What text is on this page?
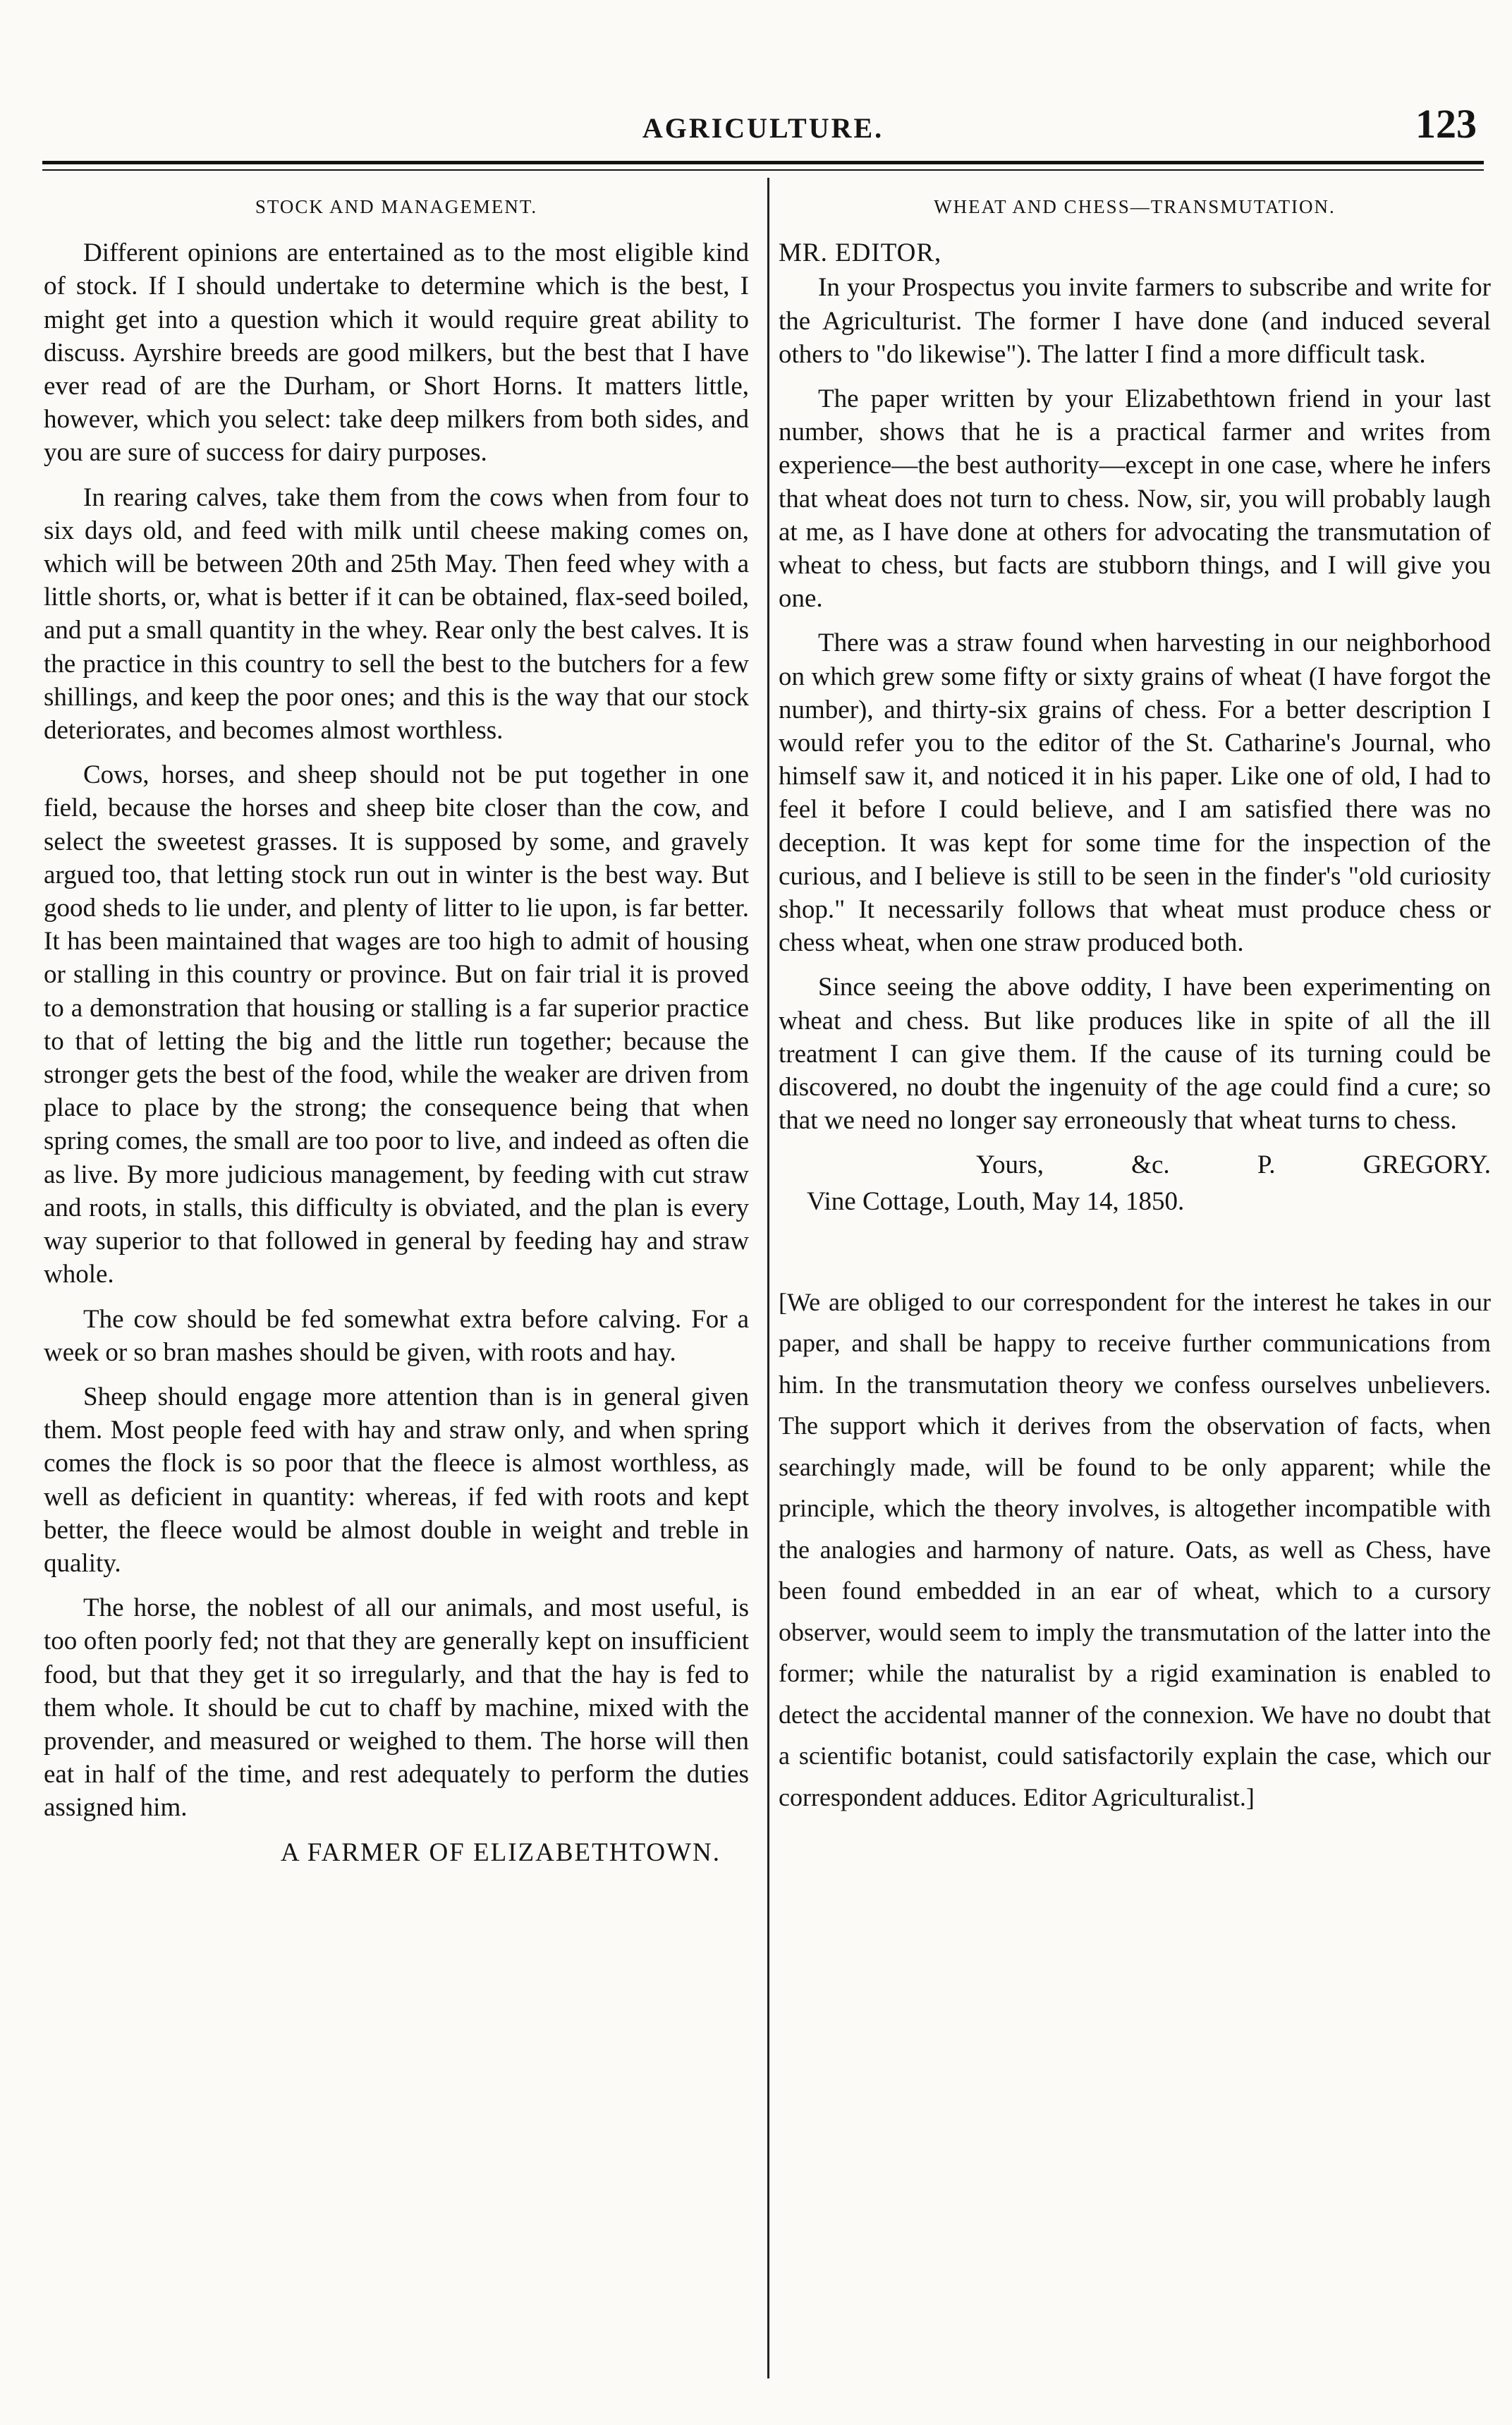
AGRICULTURE.	123
STOCK AND MANAGEMENT.

Different opinions are entertained as to the most eligible kind of stock. If I should undertake to determine which is the best, I might get into a question which it would require great ability to discuss. Ayrshire breeds are good milkers, but the best that I have ever read of are the Durham, or Short Horns. It matters little, however, which you select: take deep milkers from both sides, and you are sure of success for dairy purposes.

In rearing calves, take them from the cows when from four to six days old, and feed with milk until cheese making comes on, which will be between 20th and 25th May. Then feed whey with a little shorts, or, what is better if it can be obtained, flax-seed boiled, and put a small quantity in the whey. Rear only the best calves. It is the practice in this country to sell the best to the butchers for a few shillings, and keep the poor ones; and this is the way that our stock deteriorates, and becomes almost worthless.

Cows, horses, and sheep should not be put together in one field, because the horses and sheep bite closer than the cow, and select the sweetest grasses. It is supposed by some, and gravely argued too, that letting stock run out in winter is the best way. But good sheds to lie under, and plenty of litter to lie upon, is far better. It has been maintained that wages are too high to admit of housing or stalling in this country or province. But on fair trial it is proved to a demonstration that housing or stalling is a far superior practice to that of letting the big and the little run together; because the stronger gets the best of the food, while the weaker are driven from place to place by the strong; the consequence being that when spring comes, the small are too poor to live, and indeed as often die as live. By more judicious management, by feeding with cut straw and roots, in stalls, this difficulty is obviated, and the plan is every way superior to that followed in general by feeding hay and straw whole.

The cow should be fed somewhat extra before calving. For a week or so bran mashes should be given, with roots and hay.

Sheep should engage more attention than is in general given them. Most people feed with hay and straw only, and when spring comes the flock is so poor that the fleece is almost worthless, as well as deficient in quantity: whereas, if fed with roots and kept better, the fleece would be almost double in weight and treble in quality.

The horse, the noblest of all our animals, and most useful, is too often poorly fed; not that they are generally kept on insufficient food, but that they get it so irregularly, and that the hay is fed to them whole. It should be cut to chaff by machine, mixed with the provender, and measured or weighed to them. The horse will then eat in half of the time, and rest adequately to perform the duties assigned him.

A FARMER OF ELIZABETHTOWN.
WHEAT AND CHESS—TRANSMUTATION.

MR. EDITOR,

In your Prospectus you invite farmers to subscribe and write for the Agriculturist. The former I have done (and induced several others to "do likewise"). The latter I find a more difficult task.

The paper written by your Elizabethtown friend in your last number, shows that he is a practical farmer and writes from experience—the best authority—except in one case, where he infers that wheat does not turn to chess. Now, sir, you will probably laugh at me, as I have done at others for advocating the transmutation of wheat to chess, but facts are stubborn things, and I will give you one.

There was a straw found when harvesting in our neighborhood on which grew some fifty or sixty grains of wheat (I have forgot the number), and thirty-six grains of chess. For a better description I would refer you to the editor of the St. Catharine's Journal, who himself saw it, and noticed it in his paper. Like one of old, I had to feel it before I could believe, and I am satisfied there was no deception. It was kept for some time for the inspection of the curious, and I believe is still to be seen in the finder's "old curiosity shop." It necessarily follows that wheat must produce chess or chess wheat, when one straw produced both.

Since seeing the above oddity, I have been experimenting on wheat and chess. But like produces like in spite of all the ill treatment I can give them. If the cause of its turning could be discovered, no doubt the ingenuity of the age could find a cure; so that we need no longer say erroneously that wheat turns to chess.

Yours, &c.	P. GREGORY.

Vine Cottage, Louth, May 14, 1850.

[We are obliged to our correspondent for the interest he takes in our paper, and shall be happy to receive further communications from him. In the transmutation theory we confess ourselves unbelievers. The support which it derives from the observation of facts, when searchingly made, will be found to be only apparent; while the principle, which the theory involves, is altogether incompatible with the analogies and harmony of nature. Oats, as well as Chess, have been found embedded in an ear of wheat, which to a cursory observer, would seem to imply the transmutation of the latter into the former; while the naturalist by a rigid examination is enabled to detect the accidental manner of the connexion. We have no doubt that a scientific botanist, could satisfactorily explain the case, which our correspondent adduces. Editor Agriculturalist.]
